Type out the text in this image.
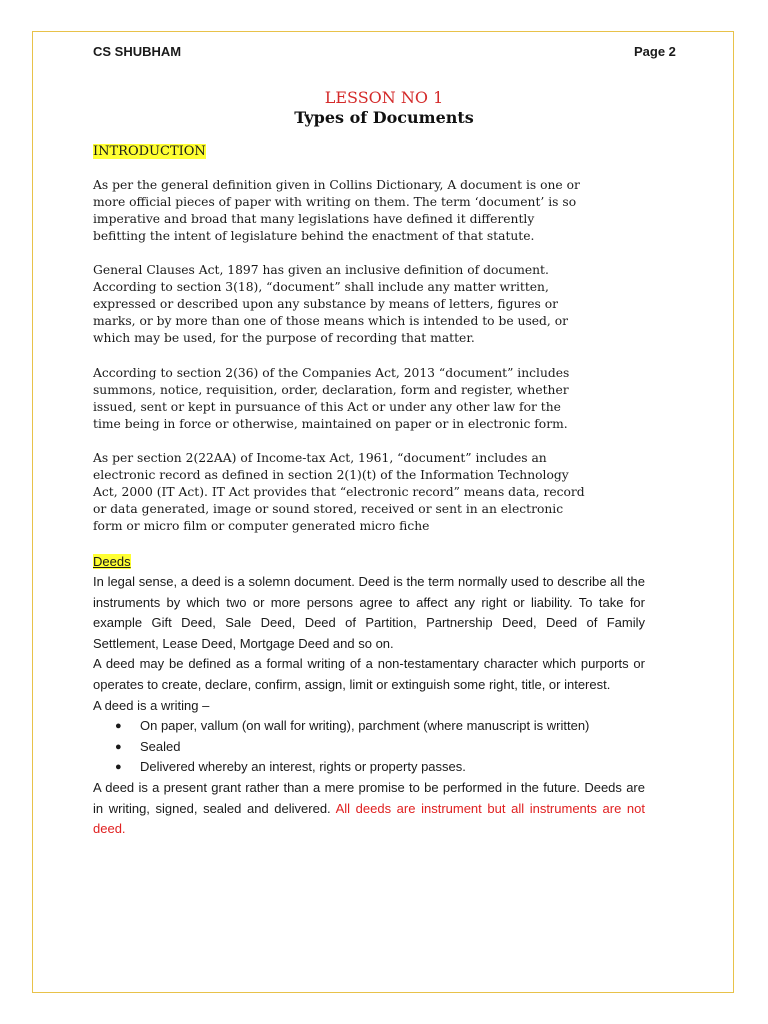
CS SHUBHAM	Page 2
LESSON NO 1
Types of Documents
INTRODUCTION

As per the general definition given in Collins Dictionary, A document is one or
more official pieces of paper with writing on them. The term ‘document’ is so
imperative and broad that many legislations have defined it differently
befitting the intent of legislature behind the enactment of that statute.

General Clauses Act, 1897 has given an inclusive definition of document.
According to section 3(18), “document” shall include any matter written,
expressed or described upon any substance by means of letters, figures or
marks, or by more than one of those means which is intended to be used, or
which may be used, for the purpose of recording that matter.

According to section 2(36) of the Companies Act, 2013 “document” includes
summons, notice, requisition, order, declaration, form and register, whether
issued, sent or kept in pursuance of this Act or under any other law for the
time being in force or otherwise, maintained on paper or in electronic form.

As per section 2(22AA) of Income-tax Act, 1961, “document” includes an
electronic record as defined in section 2(1)(t) of the Information Technology
Act, 2000 (IT Act). IT Act provides that “electronic record” means data, record
or data generated, image or sound stored, received or sent in an electronic
form or micro film or computer generated micro fiche

Deeds

In legal sense, a deed is a solemn document. Deed is the term normally used to describe all the instruments by which two or more persons agree to affect any right or liability. To take for example Gift Deed, Sale Deed, Deed of Partition, Partnership Deed, Deed of Family Settlement, Lease Deed, Mortgage Deed and so on.

A deed may be defined as a formal writing of a non-testamentary character which purports or operates to create, declare, confirm, assign, limit or extinguish some right, title, or interest.

A deed is a writing –

● On paper, vallum (on wall for writing), parchment (where manuscript is written)
● Sealed
● Delivered whereby an interest, rights or property passes.

A deed is a present grant rather than a mere promise to be performed in the future. Deeds are in writing, signed, sealed and delivered. All deeds are instrument but all instruments are not deed.
